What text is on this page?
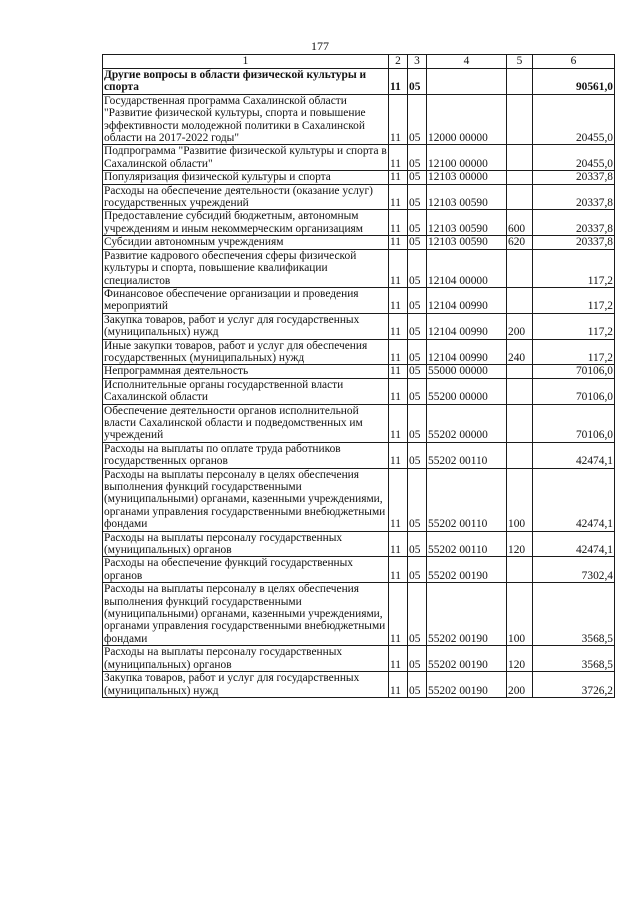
177
1	2	3	4	5	6
Другие вопросы в области физической культуры и спорта	11	05			90561,0
Государственная программа Сахалинской области "Развитие физической культуры, спорта и повышение эффективности молодежной политики в Сахалинской области на 2017-2022 годы"	11	05	12000 00000		20455,0
Подпрограмма "Развитие физической культуры и спорта в Сахалинской области"	11	05	12100 00000		20455,0
Популяризация физической культуры и спорта	11	05	12103 00000		20337,8
Расходы на обеспечение деятельности (оказание услуг) государственных учреждений	11	05	12103 00590		20337,8
Предоставление субсидий бюджетным, автономным учреждениям и иным некоммерческим организациям	11	05	12103 00590	600	20337,8
Субсидии автономным учреждениям	11	05	12103 00590	620	20337,8
Развитие кадрового обеспечения сферы физической культуры и спорта, повышение квалификации специалистов	11	05	12104 00000		117,2
Финансовое обеспечение организации и проведения мероприятий	11	05	12104 00990		117,2
Закупка товаров, работ и услуг для государственных (муниципальных) нужд	11	05	12104 00990	200	117,2
Иные закупки товаров, работ и услуг для обеспечения государственных (муниципальных) нужд	11	05	12104 00990	240	117,2
Непрограммная деятельность	11	05	55000 00000		70106,0
Исполнительные органы государственной власти Сахалинской области	11	05	55200 00000		70106,0
Обеспечение деятельности органов исполнительной власти Сахалинской области и подведомственных им учреждений	11	05	55202 00000		70106,0
Расходы на выплаты по оплате труда работников государственных органов	11	05	55202 00110		42474,1
Расходы на выплаты персоналу в целях обеспечения выполнения функций государственными (муниципальными) органами, казенными учреждениями, органами управления государственными внебюджетными фондами	11	05	55202 00110	100	42474,1
Расходы на выплаты персоналу государственных (муниципальных) органов	11	05	55202 00110	120	42474,1
Расходы на обеспечение функций государственных органов	11	05	55202 00190		7302,4
Расходы на выплаты персоналу в целях обеспечения выполнения функций государственными (муниципальными) органами, казенными учреждениями, органами управления государственными внебюджетными фондами	11	05	55202 00190	100	3568,5
Расходы на выплаты персоналу государственных (муниципальных) органов	11	05	55202 00190	120	3568,5
Закупка товаров, работ и услуг для государственных (муниципальных) нужд	11	05	55202 00190	200	3726,2
